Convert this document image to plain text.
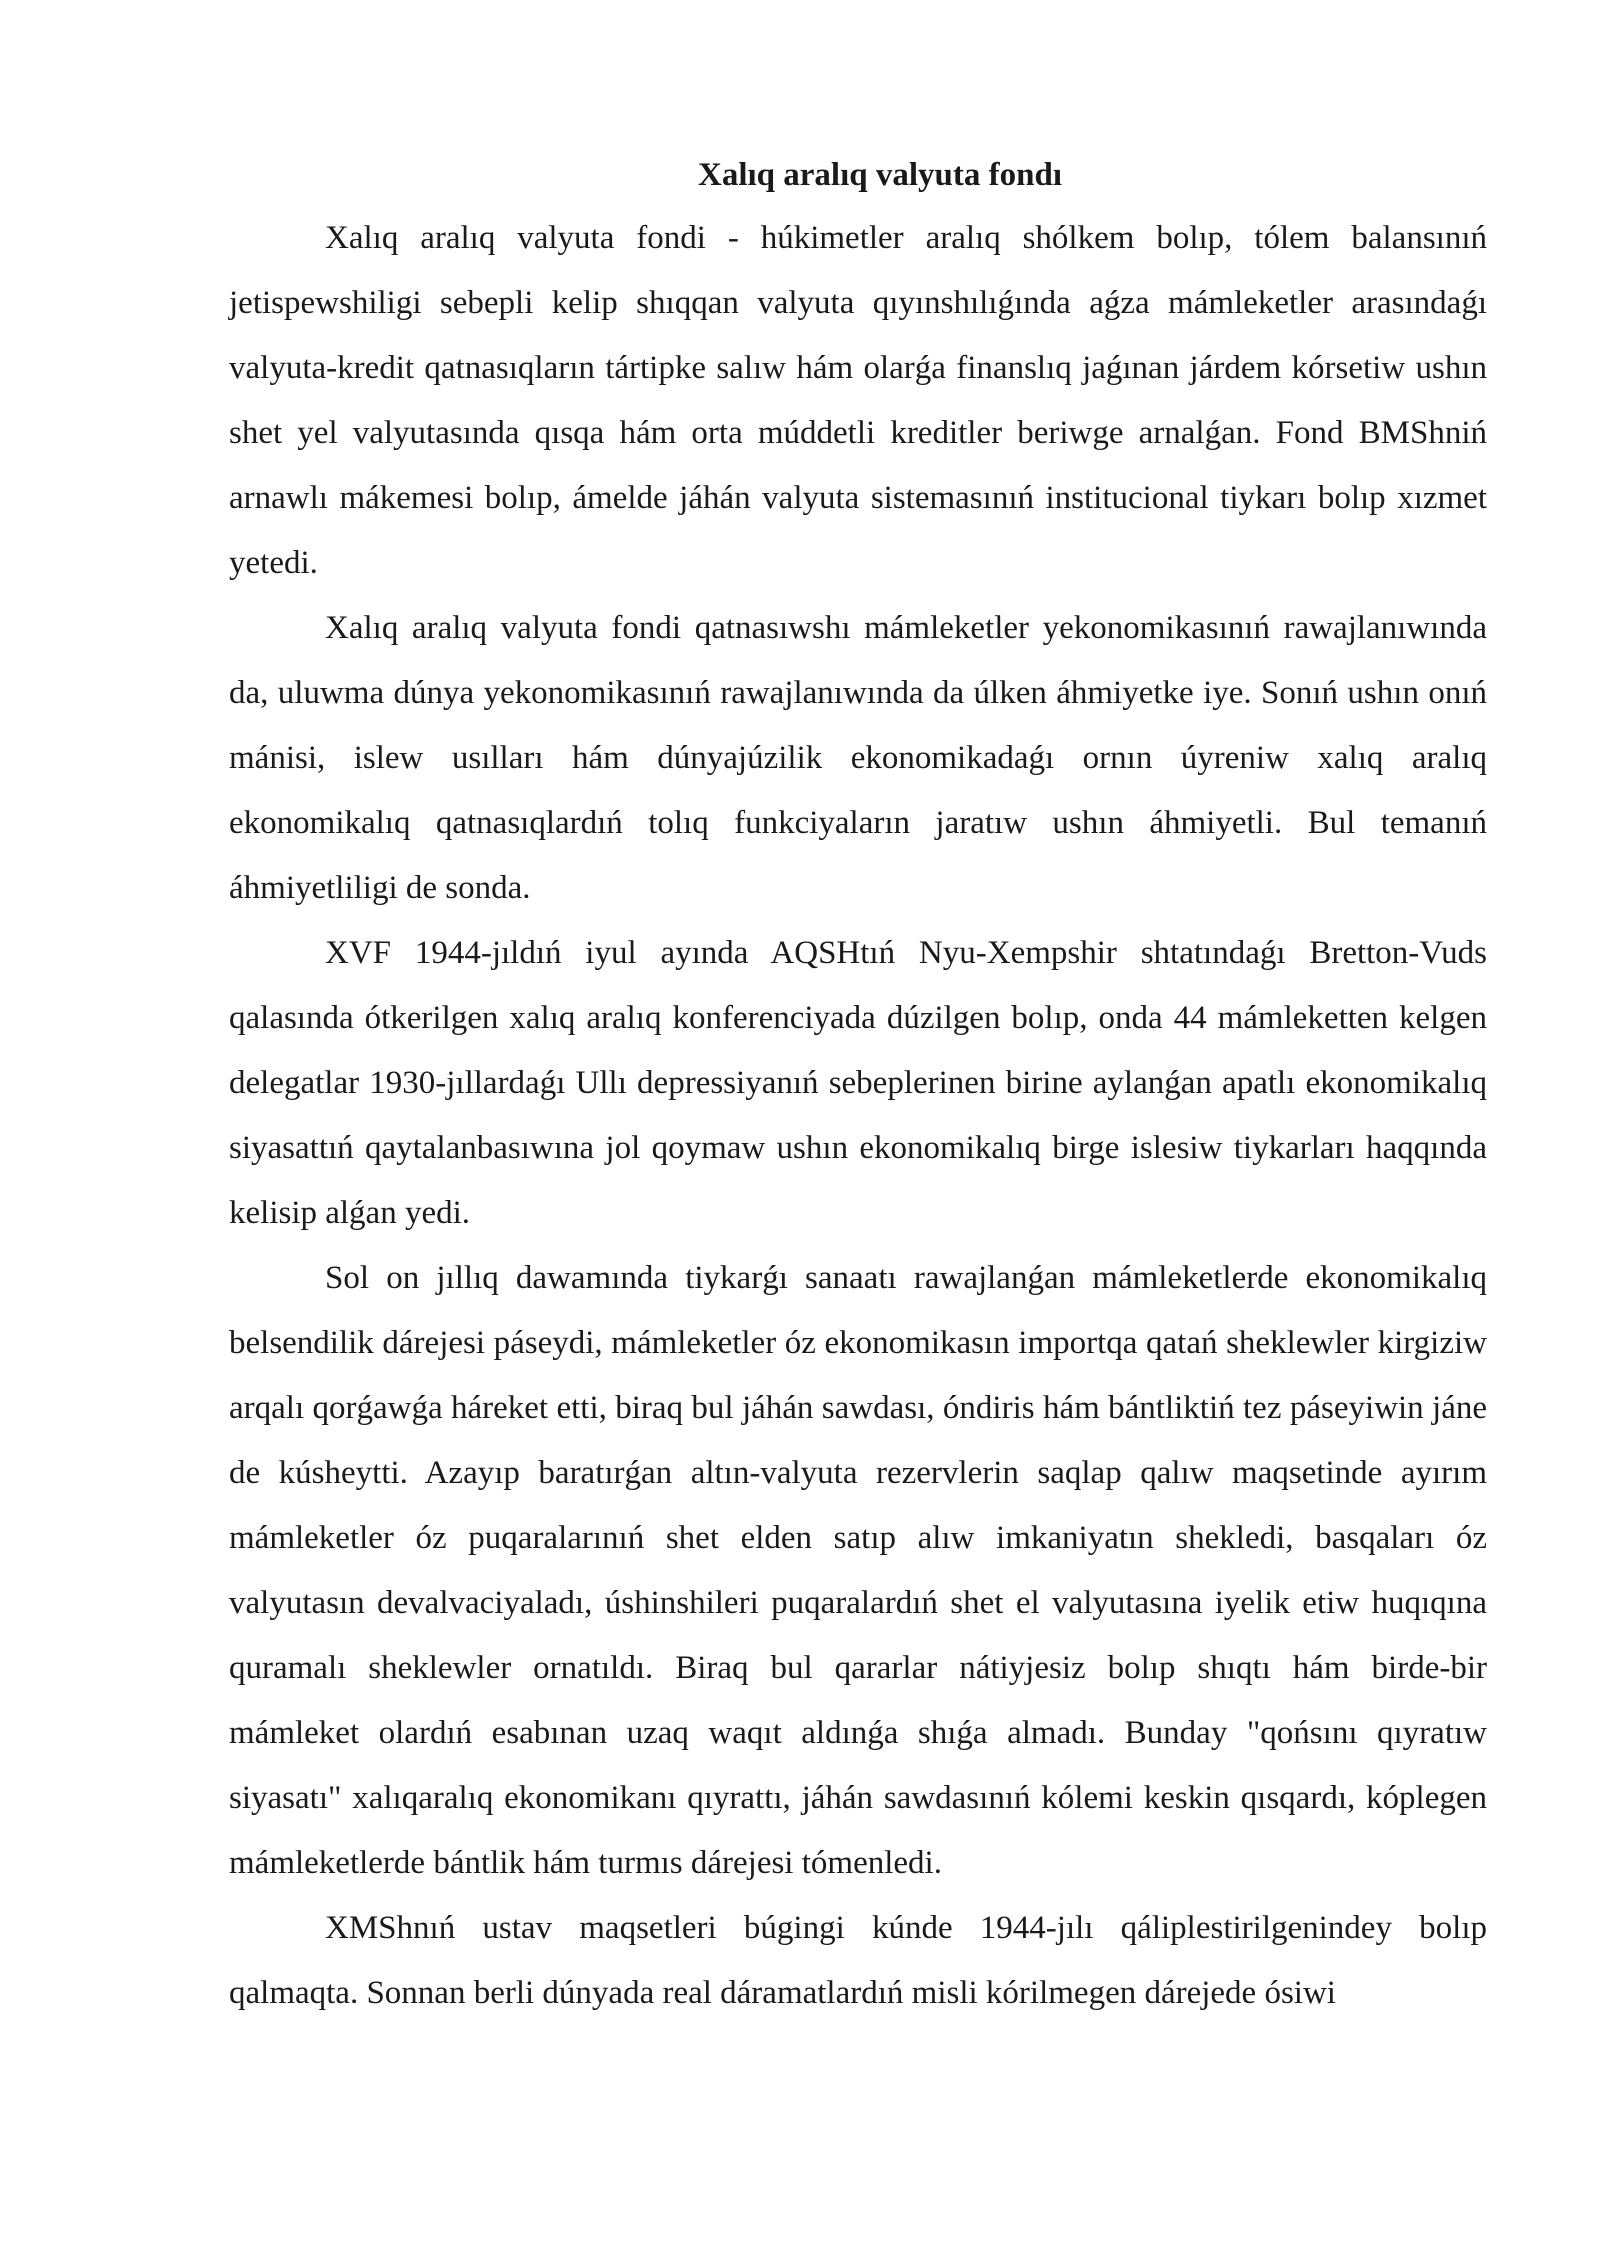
Xalıq aralıq valyuta fondı

Xalıq aralıq valyuta fondi - húkimetler aralıq shólkem bolıp, tólem balansınıń jetispewshiligi sebepli kelip shıqqan valyuta qıyınshılıǵında aǵza mámleketler arasındaǵı valyuta-kredit qatnasıqların tártipke salıw hám olarǵa finanslıq jaǵınan járdem kórsetiw ushın shet yel valyutasında qısqa hám orta múddetli kreditler beriwge arnalǵan. Fond BMShniń arnawlı mákemesi bolıp, ámelde jáhán valyuta sistemasınıń institucional tiykarı bolıp xızmet yetedi.

Xalıq aralıq valyuta fondi qatnasıwshı mámleketler yekonomikasınıń rawajlanıwında da, uluwma dúnya yekonomikasınıń rawajlanıwında da úlken áhmiyetke iye. Sonıń ushın onıń mánisi, islew usılları hám dúnyajúzilik ekonomikadaǵı ornın úyreniw xalıq aralıq ekonomikalıq qatnasıqlardıń tolıq funkciyaların jaratıw ushın áhmiyetli. Bul temanıń áhmiyetliligi de sonda.

XVF 1944-jıldıń iyul ayında AQSHtıń Nyu-Xempshir shtatındaǵı Bretton-Vuds qalasında ótkerilgen xalıq aralıq konferenciyada dúzilgen bolıp, onda 44 mámleketten kelgen delegatlar 1930-jıllardaǵı Ullı depressiyanıń sebeplerinen birine aylanǵan apatlı ekonomikalıq siyasattıń qaytalanbasıwına jol qoymaw ushın ekonomikalıq birge islesiw tiykarları haqqında kelisip alǵan yedi.

Sol on jıllıq dawamında tiykarǵı sanaatı rawajlanǵan mámleketlerde ekonomikalıq belsendilik dárejesi páseydi, mámleketler óz ekonomikasın importqa qatań sheklewler kirgiziw arqalı qorǵawǵa háreket etti, biraq bul jáhán sawdası, óndiris hám bántliktiń tez páseyiwin jáne de kúsheytti. Azayıp baratırǵan altın-valyuta rezervlerin saqlap qalıw maqsetinde ayırım mámleketler óz puqaralarınıń shet elden satıp alıw imkaniyatın shekledi, basqaları óz valyutasın devalvaciyaladı, úshinshileri puqaralardıń shet el valyutasına iyelik etiw huqıqına quramalı sheklewler ornatıldı. Biraq bul qararlar nátiyjesiz bolıp shıqtı hám birde-bir mámleket olardıń esabınan uzaq waqıt aldınǵa shıǵa almadı. Bunday "qońsını qıyratıw siyasatı" xalıqaralıq ekonomikanı qıyrattı, jáhán sawdasınıń kólemi keskin qısqardı, kóplegen mámleketlerde bántlik hám turmıs dárejesi tómenledi.

XMShnıń ustav maqsetleri búgingi kúnde 1944-jılı qáliplestirilgenindey bolıp qalmaqta. Sonnan berli dúnyada real dáramatlardıń misli kórilmegen dárejede ósiwi
